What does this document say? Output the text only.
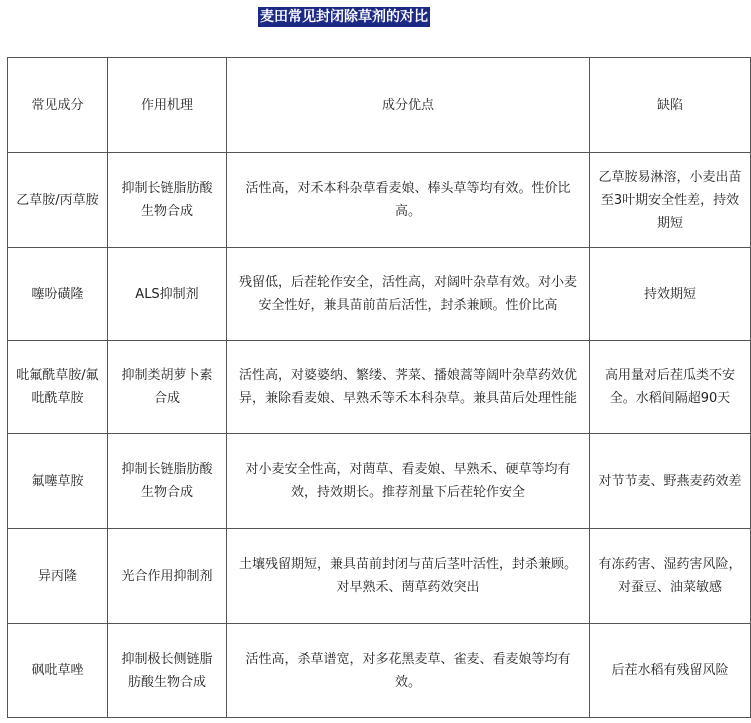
麦田常见封闭除草剂的对比
常见成分	作用机理	成分优点	缺陷
乙草胺/丙草胺	抑制长链脂肪酸生物合成	活性高，对禾本科杂草看麦娘、棒头草等均有效。性价比高。	乙草胺易淋溶，小麦出苗至3叶期安全性差，持效期短
噻吩磺隆	ALS抑制剂	残留低，后茬轮作安全，活性高，对阔叶杂草有效。对小麦安全性好，兼具苗前苗后活性，封杀兼顾。性价比高	持效期短
吡氟酰草胺/氟吡酰草胺	抑制类胡萝卜素合成	活性高，对婆婆纳、繁缕、荠菜、播娘蒿等阔叶杂草药效优异，兼除看麦娘、早熟禾等禾本科杂草。兼具苗后处理性能	高用量对后茬瓜类不安全。水稻间隔超90天
氟噻草胺	抑制长链脂肪酸生物合成	对小麦安全性高，对菵草、看麦娘、早熟禾、硬草等均有效，持效期长。推荐剂量下后茬轮作安全	对节节麦、野燕麦药效差
异丙隆	光合作用抑制剂	土壤残留期短，兼具苗前封闭与苗后茎叶活性，封杀兼顾。对早熟禾、菵草药效突出	有冻药害、湿药害风险，对蚕豆、油菜敏感
砜吡草唑	抑制极长侧链脂肪酸生物合成	活性高，杀草谱宽，对多花黑麦草、雀麦、看麦娘等均有效。	后茬水稻有残留风险
